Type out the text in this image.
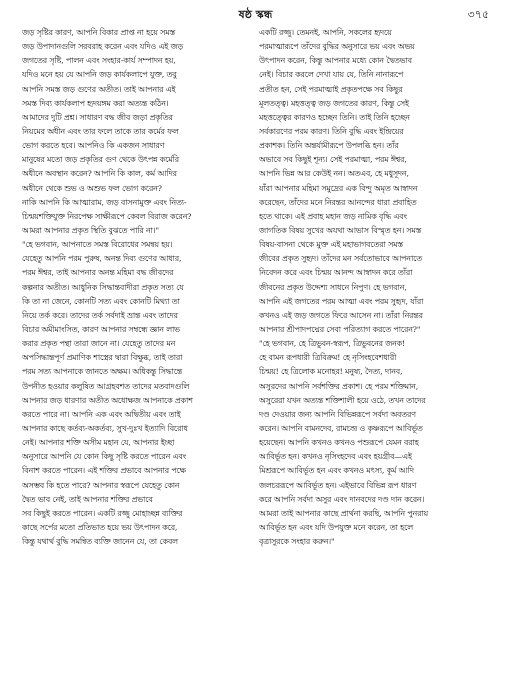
ষষ্ঠ স্কন্ধ	৩৭৫
জড় সৃষ্টির কারণ, আপনি বিকার প্রাপ্ত না হয়ে সমস্ত
জড় উপাদানগুলি সরবরাহ করেন এবং যদিও এই জড়
জগতের সৃষ্টি, পালন এবং সংহার-কার্য সম্পাদন হয়,
যদিও মনে হয় যে আপনি জড় কার্যকলাপে যুক্ত, তবু
আপনি সমস্ত জড় গুণের অতীত। তাই আপনার এই
সমস্ত দিব্য কার্যকলাপ হৃদয়ঙ্গম করা অত্যন্ত কঠিন।
আমাদের দুটি প্রশ্ন। সাধারণ বদ্ধ জীব জড়া প্রকৃতির
নিয়মের অধীন এবং তার ফলে তাকে তার কর্মের ফল
ভোগ করতে হবে। আপনিও কি একজন সাধারণ
মানুষের মতো জড় প্রকৃতির গুণ থেকে উৎপন্ন কর্মেরি
অধীনে অবস্থান করেন? আপনি কি কাল, কর্ম আদির
অধীনে থেকে শুভ ও অশুভ ফল ভোগ করেন?
নাকি আপনি কি আত্মারাম, জড় বাসনামুক্ত এবং নিত্য-
চিন্ময়শক্তিযুক্ত নিরপেক্ষ সাক্ষীরূপে কেবল বিরাজ করেন?
আমরা আপনার প্রকৃত স্থিতি বুঝতে পারি না।"
"হে ভগবান, আপনাতে সমস্ত বিরোধের সমন্বয় হয়।
যেহেতু আপনি পরম পুরুষ, অনন্ত দিব্য গুণের আধার,
পরম ঈশ্বর, তাই আপনার অনন্ত মহিমা বদ্ধ জীবদের
কল্পনার অতীত। আধুনিক সিদ্ধান্তবাদীরা প্রকৃত সত্য যে
কি তা না জেনে, কোনটি সত্য এবং কোনটি মিথ্যা তা
নিয়ে তর্ক করে। তাদের তর্ক সর্বদাই ভ্রান্ত এবং তাদের
বিচার অমীমাংসিত, কারণ আপনার সম্বন্ধে জ্ঞান লাভ
করার প্রকৃত পন্থা তারা জানে না। যেহেতু তাদের মন
অপসিদ্ধান্তপূর্ণ প্রমাণিক শাস্ত্রের দ্বারা বিক্ষুব্ধ, তাই তারা
পরম সত্য আপনাকে জানতে অক্ষম। অধিকন্তু সিদ্ধান্তে
উপনীত হওয়ার কলুষিত আগ্রহবশত তাদের মতবাদগুলি
আপনার জড় ধারণার অতীত অধোক্ষজ আপনাকে প্রকাশ
করতে পারে না। আপনি এক এবং অদ্বিতীয় এবং তাই
আপনার কাছে কর্তব্য-অকর্তব্য, সুখ-দুঃখ ইত্যাদি বিরোধ
নেই। আপনার শক্তি অসীম মহান যে, আপনার ইচ্ছা
অনুসারে আপনি যে কোন কিছু সৃষ্টি করতে পারেন এবং
বিনাশ করতে পারেন। এই শক্তির প্রভাবে আপনার পক্ষে
অসম্ভব কি হতে পারে? আপনার স্বরূপে যেহেতু কোন
দ্বৈত ভাব নেই, তাই আপনার শক্তির প্রভাবে
সব কিছুই করতে পারেন। একটি রজ্জু মোহাচ্ছন্ন ব্যক্তির
কাছে সর্পের মতো প্রতিভাত হয়ে ভয় উৎপাদন করে,
কিন্তু যথার্থ বুদ্ধি সমন্বিত ব্যক্তি জানেন যে, তা কেবল
একটি রজ্জু। তেমনই, আপনি, সকলের হৃদয়ে
পরমাত্মারূপে তাঁদের বুদ্ধির অনুসারে ভয় এবং অভয়
উৎপাদন করেন, কিন্তু আপনার মধ্যে কোন দ্বৈতভাব
নেই। বিচার করলে দেখা যায় যে, তিনি নানারূপে
প্রতীত হন, সেই পরমাত্মাই প্রকৃতপক্ষে সব কিছুর
মূলতত্ত্ব। মহত্তত্ত্ব জড় জগতের কারণ, কিন্তু সেই
মহত্তত্ত্বের কারণও হচ্ছেন তিনি। তাই তিনি হচ্ছেন
সর্বকারণের পরম কারণ। তিনি বুদ্ধি এবং ইন্দ্রিয়ের
প্রকাশক। তিনি অন্তর্যামীরূপে উপলব্ধি হন। তাঁর
অভাবে সব কিছুই শূন্য। সেই পরমাত্মা, পরম ঈশ্বর,
আপনি ভিন্ন আর কেউই নন। অতএব, হে মধুসূদন,
যাঁরা আপনার মহিমা সমুদ্রের এক বিন্দু অমৃত আস্বাদন
করেছেন, তাঁদের মনে নিরন্তর আনন্দের ধারা প্রবাহিত
হতে থাকে। এই প্রবাহ মহান জড় নামিক বৃদ্ধি এবং
জাগতিক বিষয় সুখের অযথা আভাস বিস্মৃত হন। সমস্ত
বিষয়-বাসনা থেকে মুক্ত এই মহাভাগবতেরা সমস্ত
জীবের প্রকৃত সুহৃদ। তাঁদের মন সর্বতোভাবে আপনাতে
নিবেদন করে এবং চিন্ময় আনন্দ আস্বাদন করে তাঁরা
জীবনের প্রকৃত উদ্দেশ্য সাধনে নিপুণ। হে ভগবান,
আপনি এই জগতের পরম আত্মা এবং পরম সুহৃদ, যাঁরা
কখনও এই জড় জগতে ফিরে আসেন না। তাঁরা নিরন্তর
আপনার শ্রীপাদপদ্মের সেবা পরিত্যাগ করতে পারেন?"
"হে ভগবান, হে ত্রিভুবন-স্বরূপ, ত্রিভুবনের জনক!
হে বামন রূপধারী ত্রিবিক্রম! হে নৃসিংহবেশধারী
চিন্ময়! হে ত্রিলোক মনোহর! মনুষ্য, দৈত্য, দানব,
অসুরদের আপনি সর্বশক্তির প্রকাশ। হে পরম শক্তিমান,
অসুরেরা যখন অত্যন্ত শক্তিশালী হয়ে ওঠে, তখন তাদের
দণ্ড দেওয়ার জন্য আপনি বিভিন্নরূপে সর্বদা অবতরণ
করেন। আপনি বামনদেব, রামচন্দ্র ও কৃষ্ণরূপে আবির্ভূত
হয়েছেন। আপনি কখনও কখনও পশুরূপে যেমন বরাহ
আবির্ভূত হন। কখনও নৃসিংহদেব এবং হয়গ্রীব—এই
মিশ্ররূপে আবির্ভূত হন এবং কখনও মৎস্য, কূর্ম আদি
জলচররূপে আবির্ভূত হন। এইভাবে বিভিন্ন রূপ ধারণ
করে আপনি সর্বদা অসুর এবং দানবদের দণ্ড দান করেন।
আমরা তাই আপনার কাছে প্রার্থনা করছি, আপনি পুনরায়
আবির্ভূত হন এবং যদি উপযুক্ত মনে করেন, তা হলে
বৃত্রাসুরকে সংহার করুন।"
